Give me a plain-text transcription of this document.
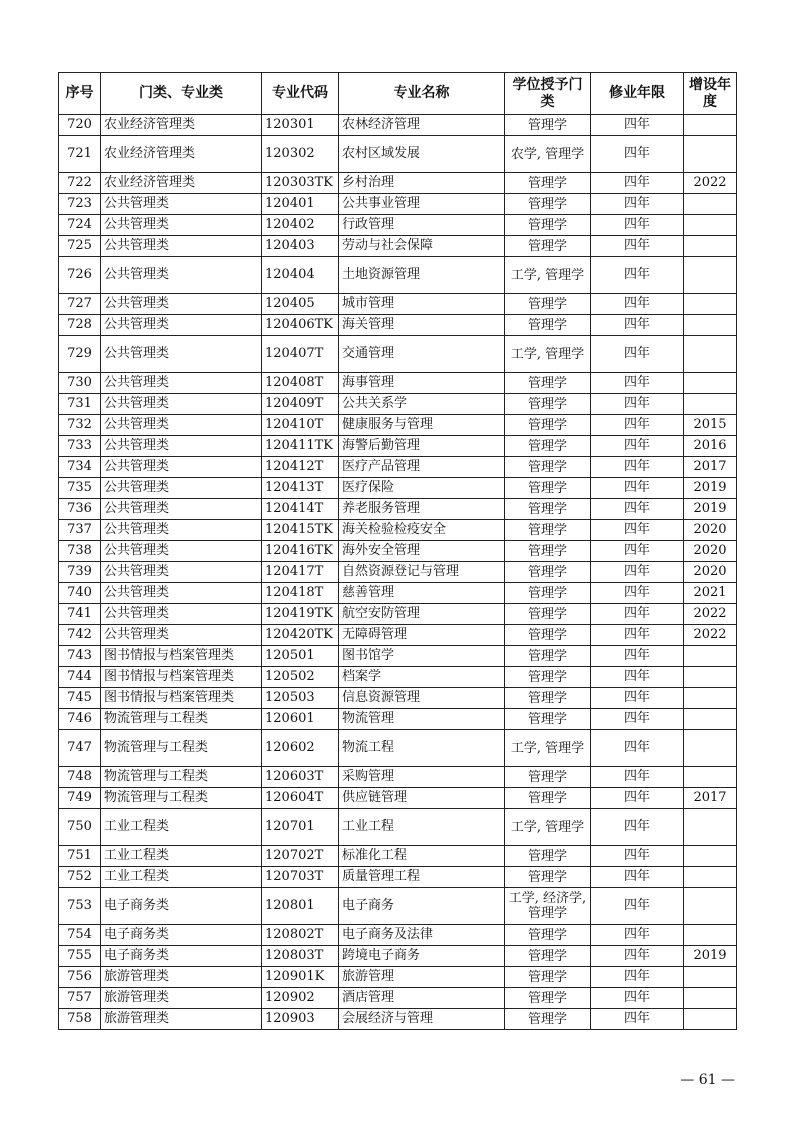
序号	门类、专业类	专业代码	专业名称	学位授予门类	修业年限	增设年度
720	农业经济管理类	120301	农林经济管理	管理学	四年	
721	农业经济管理类	120302	农村区域发展	农学, 管理学	四年	
722	农业经济管理类	120303TK	乡村治理	管理学	四年	2022
723	公共管理类	120401	公共事业管理	管理学	四年	
724	公共管理类	120402	行政管理	管理学	四年	
725	公共管理类	120403	劳动与社会保障	管理学	四年	
726	公共管理类	120404	土地资源管理	工学, 管理学	四年	
727	公共管理类	120405	城市管理	管理学	四年	
728	公共管理类	120406TK	海关管理	管理学	四年	
729	公共管理类	120407T	交通管理	工学, 管理学	四年	
730	公共管理类	120408T	海事管理	管理学	四年	
731	公共管理类	120409T	公共关系学	管理学	四年	
732	公共管理类	120410T	健康服务与管理	管理学	四年	2015
733	公共管理类	120411TK	海警后勤管理	管理学	四年	2016
734	公共管理类	120412T	医疗产品管理	管理学	四年	2017
735	公共管理类	120413T	医疗保险	管理学	四年	2019
736	公共管理类	120414T	养老服务管理	管理学	四年	2019
737	公共管理类	120415TK	海关检验检疫安全	管理学	四年	2020
738	公共管理类	120416TK	海外安全管理	管理学	四年	2020
739	公共管理类	120417T	自然资源登记与管理	管理学	四年	2020
740	公共管理类	120418T	慈善管理	管理学	四年	2021
741	公共管理类	120419TK	航空安防管理	管理学	四年	2022
742	公共管理类	120420TK	无障碍管理	管理学	四年	2022
743	图书情报与档案管理类	120501	图书馆学	管理学	四年	
744	图书情报与档案管理类	120502	档案学	管理学	四年	
745	图书情报与档案管理类	120503	信息资源管理	管理学	四年	
746	物流管理与工程类	120601	物流管理	管理学	四年	
747	物流管理与工程类	120602	物流工程	工学, 管理学	四年	
748	物流管理与工程类	120603T	采购管理	管理学	四年	
749	物流管理与工程类	120604T	供应链管理	管理学	四年	2017
750	工业工程类	120701	工业工程	工学, 管理学	四年	
751	工业工程类	120702T	标准化工程	管理学	四年	
752	工业工程类	120703T	质量管理工程	管理学	四年	
753	电子商务类	120801	电子商务	工学, 经济学, 管理学	四年	
754	电子商务类	120802T	电子商务及法律	管理学	四年	
755	电子商务类	120803T	跨境电子商务	管理学	四年	2019
756	旅游管理类	120901K	旅游管理	管理学	四年	
757	旅游管理类	120902	酒店管理	管理学	四年	
758	旅游管理类	120903	会展经济与管理	管理学	四年	
— 61 —
